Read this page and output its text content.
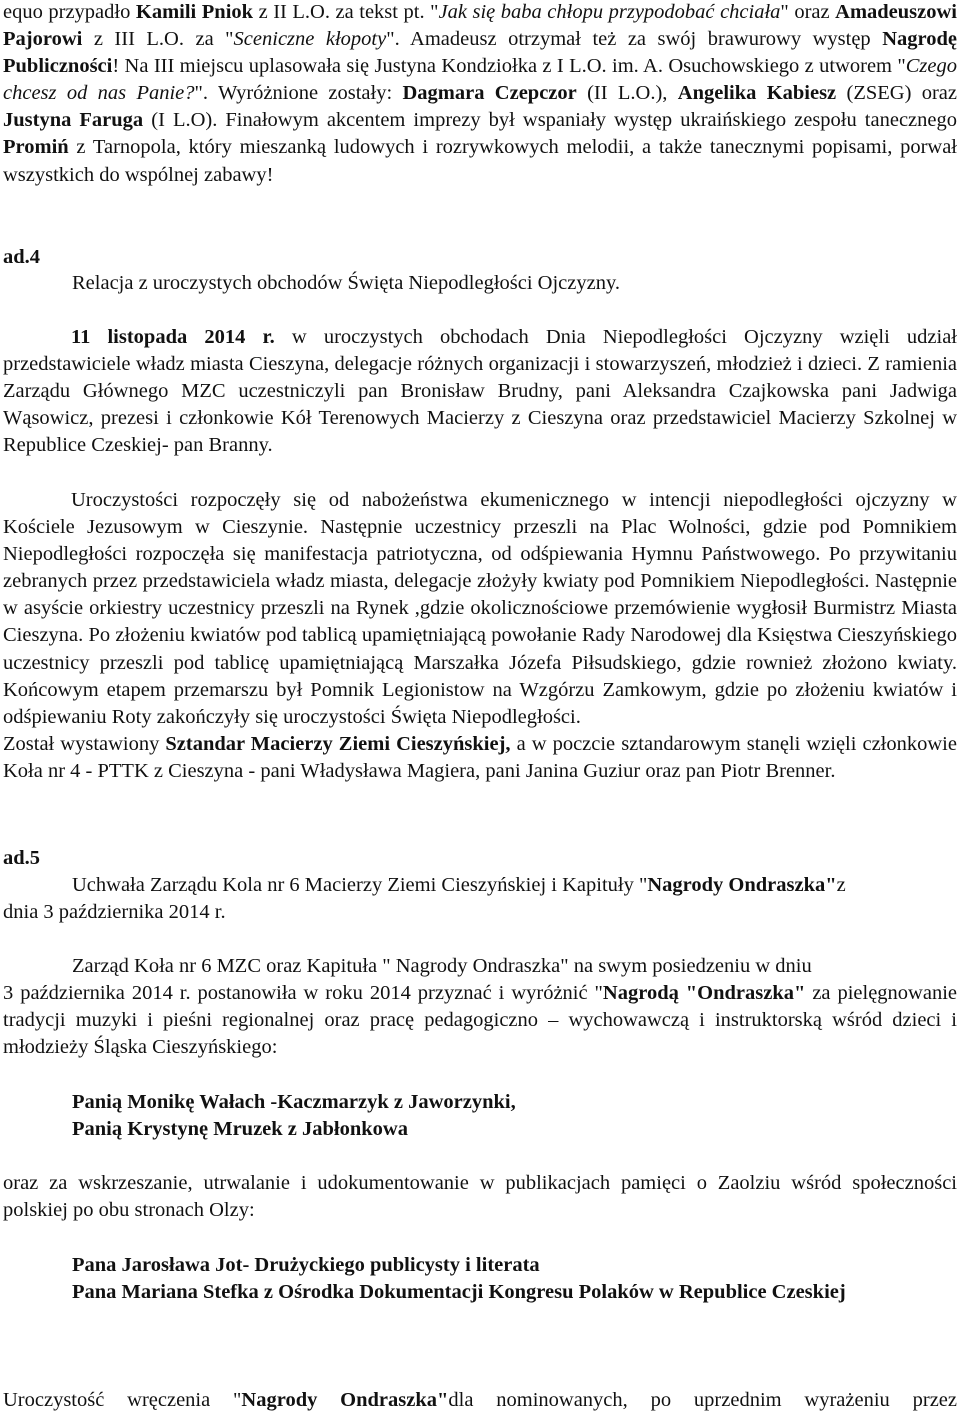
equo przypadło Kamili Pniok z II L.O. za tekst pt. "Jak się baba chłopu przypodobać chciała" oraz Amadeuszowi Pajorowi z III L.O. za "Sceniczne kłopoty". Amadeusz otrzymał też za swój brawurowy występ Nagrodę Publiczności! Na III miejscu uplasowała się Justyna Kondziołka z I L.O. im. A. Osuchowskiego z utworem "Czego chcesz od nas Panie?". Wyróżnione zostały: Dagmara Czepczor (II L.O.), Angelika Kabiesz (ZSEG) oraz Justyna Faruga (I L.O). Finałowym akcentem imprezy był wspaniały występ ukraińskiego zespołu tanecznego Promiń z Tarnopola, który mieszanką ludowych i rozrywkowych melodii, a także tanecznymi popisami, porwał wszystkich do wspólnej zabawy!

ad.4

Relacja z uroczystych obchodów Święta Niepodległości Ojczyzny.

11 listopada 2014 r. w uroczystych obchodach Dnia Niepodległości Ojczyzny wzięli udział przedstawiciele władz miasta Cieszyna, delegacje różnych organizacji i stowarzyszeń, młodzież i dzieci. Z ramienia Zarządu Głównego MZC uczestniczyli pan Bronisław Brudny, pani Aleksandra Czajkowska pani Jadwiga Wąsowicz, prezesi i członkowie Kół Terenowych Macierzy z Cieszyna oraz przedstawiciel Macierzy Szkolnej w Republice Czeskiej- pan Branny.

Uroczystości rozpoczęły się od nabożeństwa ekumenicznego w intencji niepodległości ojczyzny w Kościele Jezusowym w Cieszynie. Następnie uczestnicy przeszli na Plac Wolności, gdzie pod Pomnikiem Niepodległości rozpoczęła się manifestacja patriotyczna, od odśpiewania Hymnu Państwowego. Po przywitaniu zebranych przez przedstawiciela władz miasta, delegacje złożyły kwiaty pod Pomnikiem Niepodległości. Następnie w asyście orkiestry uczestnicy przeszli na Rynek ,gdzie okolicznościowe przemówienie wygłosił Burmistrz Miasta Cieszyna. Po złożeniu kwiatów pod tablicą upamiętniającą powołanie Rady Narodowej dla Księstwa Cieszyńskiego uczestnicy przeszli pod tablicę upamiętniającą Marszałka Józefa Piłsudskiego, gdzie rownież złożono kwiaty. Końcowym etapem przemarszu był Pomnik Legionistow na Wzgórzu Zamkowym, gdzie po złożeniu kwiatów i odśpiewaniu Roty zakończyły się uroczystości Święta Niepodległości.

Został wystawiony Sztandar Macierzy Ziemi Cieszyńskiej, a w poczcie sztandarowym stanęli wzięli członkowie Koła nr 4 - PTTK z Cieszyna - pani Władysława Magiera, pani Janina Guziur oraz pan Piotr Brenner.

ad.5

Uchwała Zarządu Kola nr 6 Macierzy Ziemi Cieszyńskiej i Kapituły "Nagrody Ondraszka"z

dnia 3 października 2014 r.

Zarząd Koła nr 6 MZC oraz Kapituła " Nagrody Ondraszka" na swym posiedzeniu w dniu

3 października 2014 r. postanowiła w roku 2014 przyznać i wyróżnić "Nagrodą "Ondraszka" za pielęgnowanie tradycji muzyki i pieśni regionalnej oraz pracę pedagogiczno – wychowawczą i instruktorską wśród dzieci i młodzieży Śląska Cieszyńskiego:

Panią Monikę Wałach -Kaczmarzyk z Jaworzynki,

Panią Krystynę Mruzek z Jabłonkowa

oraz za wskrzeszanie, utrwalanie i udokumentowanie w publikacjach pamięci o Zaolziu wśród społeczności polskiej po obu stronach Olzy:

Pana Jarosława Jot- Drużyckiego publicysty i literata

Pana Mariana Stefka z Ośrodka Dokumentacji Kongresu Polaków w Republice Czeskiej

Uroczystość wręczenia "Nagrody Ondraszka"dla nominowanych, po uprzednim wyrażeniu przez
